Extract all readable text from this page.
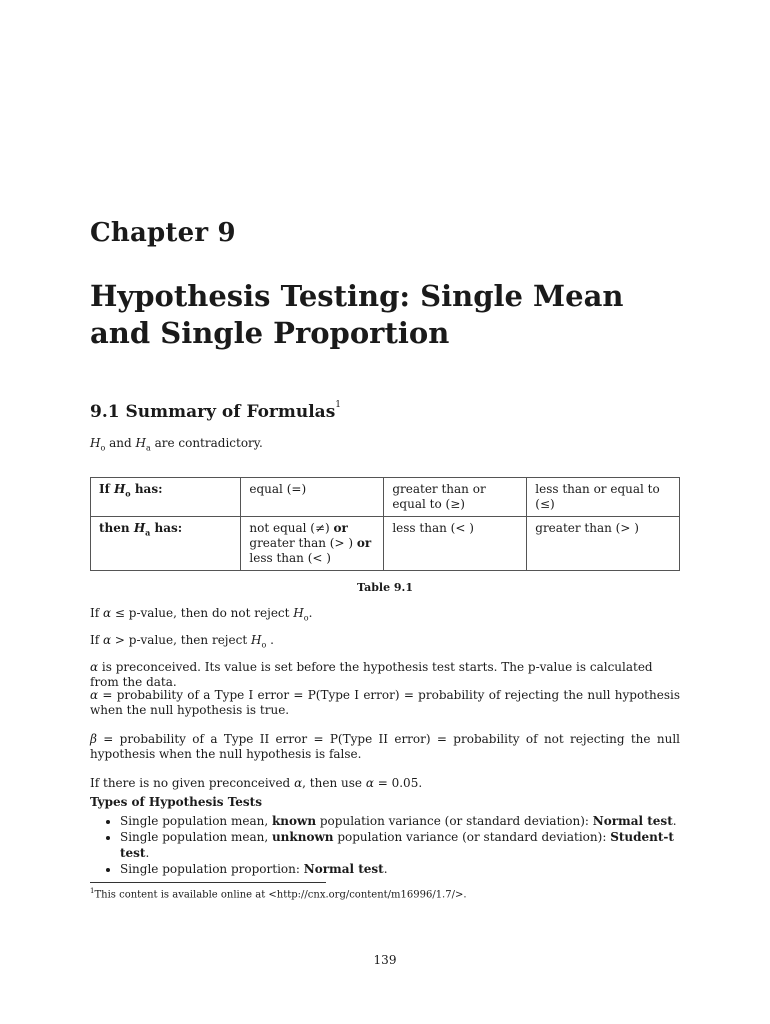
Chapter 9
Hypothesis Testing: Single Mean and Single Proportion
9.1 Summary of Formulas$^1$
$H_o$ and $H_a$ are contradictory.
If $H_o$ has:	equal (=)	greater than or equal to (≥)	less than or equal to (≤)
then $H_a$ has:	not equal (≠) or greater than (> ) or less than (< )	less than (< )	greater than (> )
Table 9.1
If α ≤ p-value, then do not reject $H_o$.
If α > p-value, then reject $H_o$ .
α is preconceived. Its value is set before the hypothesis test starts. The p-value is calculated from the data.
α = probability of a Type I error = P(Type I error) = probability of rejecting the null hypothesis when the null hypothesis is true.
β = probability of a Type II error = P(Type II error) = probability of not rejecting the null hypothesis when the null hypothesis is false.
If there is no given preconceived α, then use α = 0.05.
Types of Hypothesis Tests
• Single population mean, known population variance (or standard deviation): Normal test.
• Single population mean, unknown population variance (or standard deviation): Student-t test.
• Single population proportion: Normal test.
$^1$This content is available online at <http://cnx.org/content/m16996/1.7/>.
139
